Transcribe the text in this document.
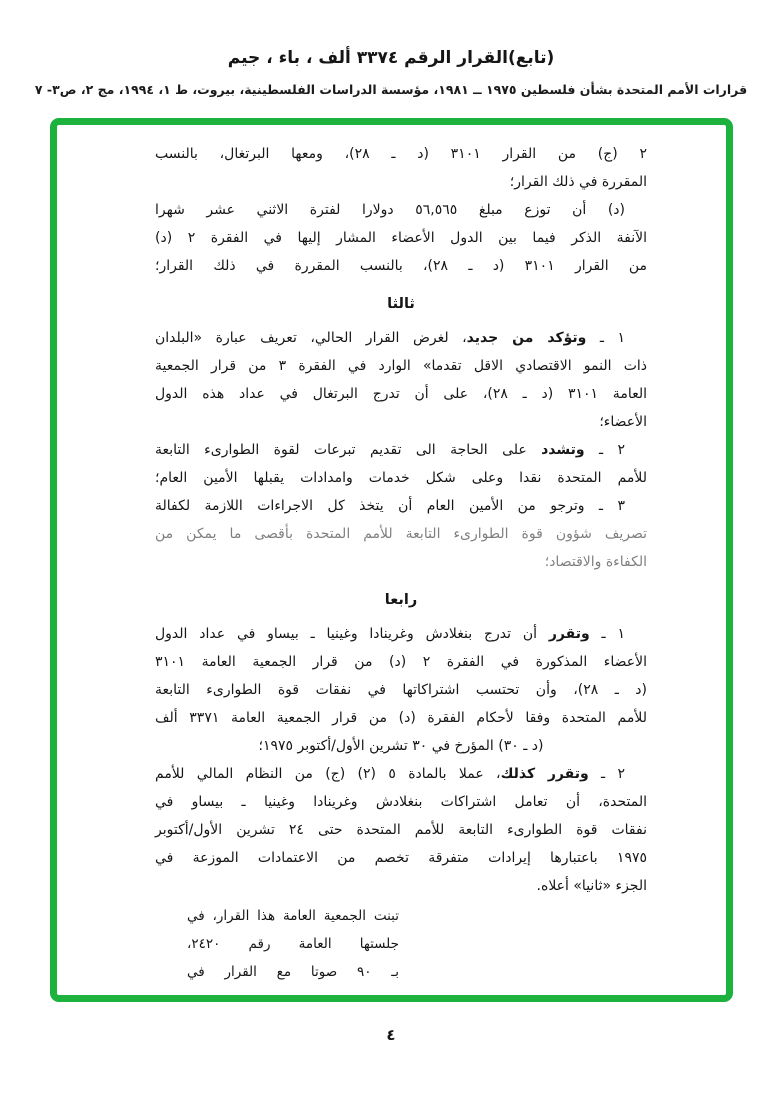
(تابع)القرار الرقم ٣٣٧٤ ألف ، باء ، جيم
قرارات الأمم المتحدة بشأن فلسطين ١٩٧٥ ــ ١٩٨١، مؤسسة الدراسات الفلسطينية، بيروت، ط ١، ١٩٩٤، مج ٢، ص٣- ٧
٢ (ج) من القرار ٣١٠١ (د ـ ٢٨)، ومعها البرتغال، بالنسب
المقررة في ذلك القرار؛
(د) أن توزع مبلغ ٥٦,٥٦٥ دولارا لفترة الاثني عشر شهرا
الآنفة الذكر فيما بين الدول الأعضاء المشار إليها في الفقرة ٢ (د)
من القرار ٣١٠١ (د ـ ٢٨)، بالنسب المقررة في ذلك القرار؛
ثالثا
١ ـ وتؤكد من جديد، لغرض القرار الحالي، تعريف عبارة «البلدان
ذات النمو الاقتصادي الاقل تقدما» الوارد في الفقرة ٣ من قرار الجمعية
العامة ٣١٠١ (د ـ ٢٨)، على أن تدرج البرتغال في عداد هذه الدول
الأعضاء؛
٢ ـ وتشدد على الحاجة الى تقديم تبرعات لقوة الطوارىء التابعة
للأمم المتحدة نقدا وعلى شكل خدمات وامدادات يقبلها الأمين العام؛
٣ ـ وترجو من الأمين العام أن يتخذ كل الاجراءات اللازمة لكفالة
تصريف شؤون قوة الطوارىء التابعة للأمم المتحدة بأقصى ما يمكن من
الكفاءة والاقتصاد؛
رابعا
١ ـ وتقرر أن تدرج بنغلادش وغرينادا وغينيا ـ بيساو في عداد الدول
الأعضاء المذكورة في الفقرة ٢ (د) من قرار الجمعية العامة ٣١٠١
(د ـ ٢٨)، وأن تحتسب اشتراكاتها في نفقات قوة الطوارىء التابعة
للأمم المتحدة وفقا لأحكام الفقرة (د) من قرار الجمعية العامة ٣٣٧١ ألف
(د ـ ٣٠) المؤرخ في ٣٠ تشرين الأول/أكتوبر ١٩٧٥؛
٢ ـ وتقرر كذلك، عملا بالمادة ٥ (٢) (ج) من النظام المالي للأمم
المتحدة، أن تعامل اشتراكات بنغلادش وغرينادا وغينيا ـ بيساو في
نفقات قوة الطوارىء التابعة للأمم المتحدة حتى ٢٤ تشرين الأول/أكتوبر
١٩٧٥ باعتبارها إيرادات متفرقة تخصم من الاعتمادات الموزعة في
الجزء «ثانيا» أعلاه.
تبنت الجمعية العامة هذا القرار، في
جلستها العامة رقم ٢٤٢٠،
بـ ٩٠ صوتا مع القرار في
٤
